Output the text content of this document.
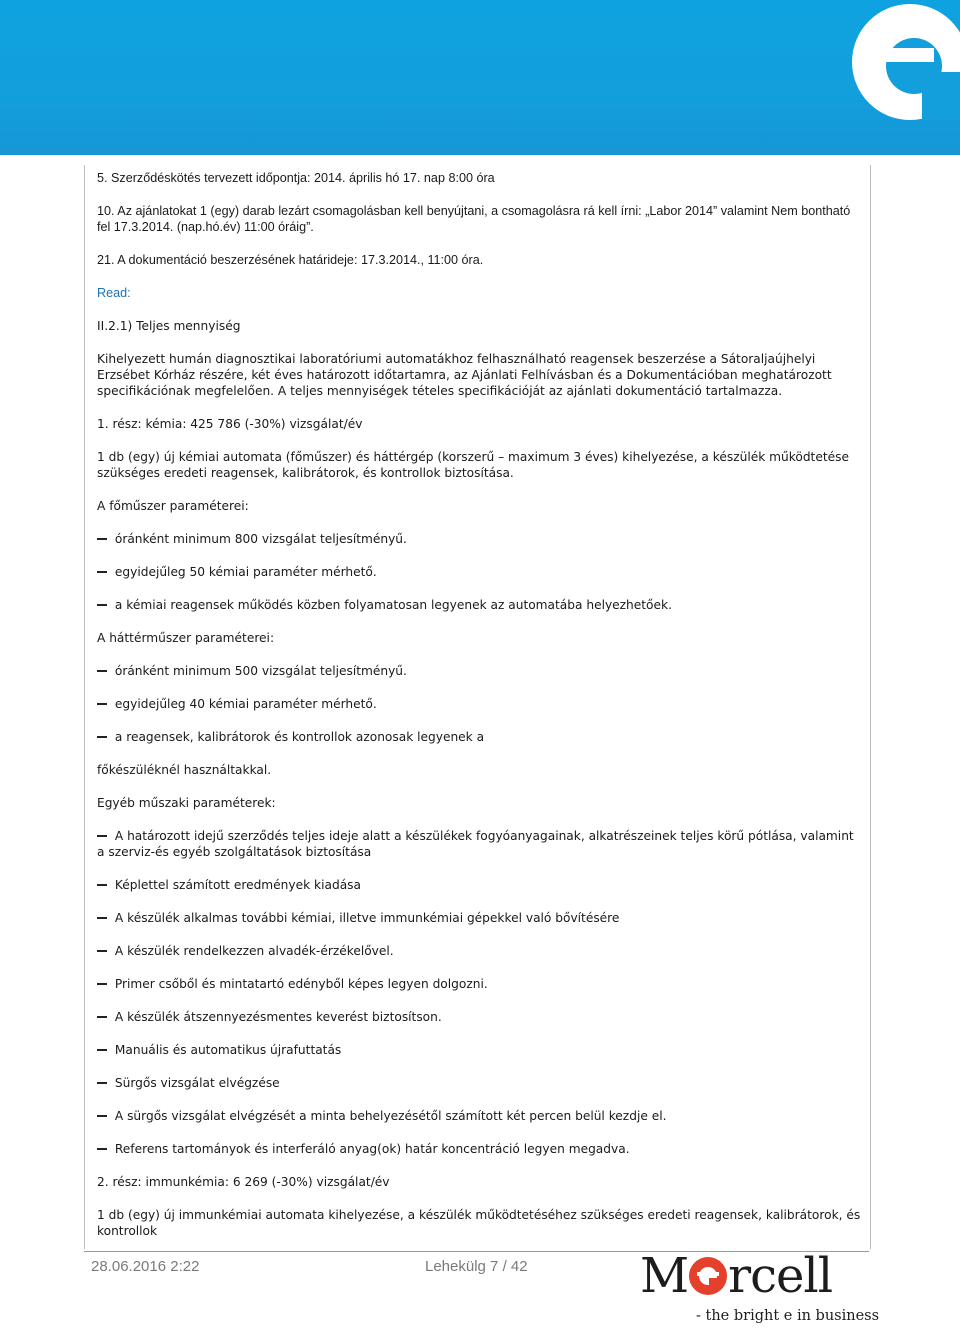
5. Szerződéskötés tervezett időpontja: 2014. április hó 17. nap 8:00 óra

10. Az ajánlatokat 1 (egy) darab lezárt csomagolásban kell benyújtani, a csomagolásra rá kell írni: „Labor 2014” valamint Nem bontható fel 17.3.2014. (nap.hó.év) 11:00 óráig”.

21. A dokumentáció beszerzésének határideje: 17.3.2014., 11:00 óra.

Read:

II.2.1) Teljes mennyiség

Kihelyezett humán diagnosztikai laboratóriumi automatákhoz felhasználható reagensek beszerzése a Sátoraljaújhelyi Erzsébet Kórház részére, két éves határozott időtartamra, az Ajánlati Felhívásban és a Dokumentációban meghatározott specifikációnak megfelelően. A teljes mennyiségek tételes specifikációját az ajánlati dokumentáció tartalmazza.

1. rész: kémia: 425 786 (-30%) vizsgálat/év

1 db (egy) új kémiai automata (főműszer) és háttérgép (korszerű – maximum 3 éves) kihelyezése, a készülék működtetése szükséges eredeti reagensek, kalibrátorok, és kontrollok biztosítása.

A főműszer paraméterei:

óránként minimum 800 vizsgálat teljesítményű.

egyidejűleg 50 kémiai paraméter mérhető.

a kémiai reagensek működés közben folyamatosan legyenek az automatába helyezhetőek.

A háttérműszer paraméterei:

óránként minimum 500 vizsgálat teljesítményű.

egyidejűleg 40 kémiai paraméter mérhető.

a reagensek, kalibrátorok és kontrollok azonosak legyenek a

főkészüléknél használtakkal.

Egyéb műszaki paraméterek:

A határozott idejű szerződés teljes ideje alatt a készülékek fogyóanyagainak, alkatrészeinek teljes körű pótlása, valamint a szerviz-és egyéb szolgáltatások biztosítása

Képlettel számított eredmények kiadása

A készülék alkalmas további kémiai, illetve immunkémiai gépekkel való bővítésére

A készülék rendelkezzen alvadék-érzékelővel.

Primer csőből és mintatartó edényből képes legyen dolgozni.

A készülék átszennyezésmentes keverést biztosítson.

Manuális és automatikus újrafuttatás

Sürgős vizsgálat elvégzése

A sürgős vizsgálat elvégzését a minta behelyezésétől számított két percen belül kezdje el.

Referens tartományok és interferáló anyag(ok) határ koncentráció legyen megadva.

2. rész: immunkémia: 6 269 (-30%) vizsgálat/év

1 db (egy) új immunkémiai automata kihelyezése, a készülék működtetéséhez szükséges eredeti reagensek, kalibrátorok, és kontrollok

28.06.2016 2:22	Lehekülg 7 / 42 M rcell
- the bright e in business
